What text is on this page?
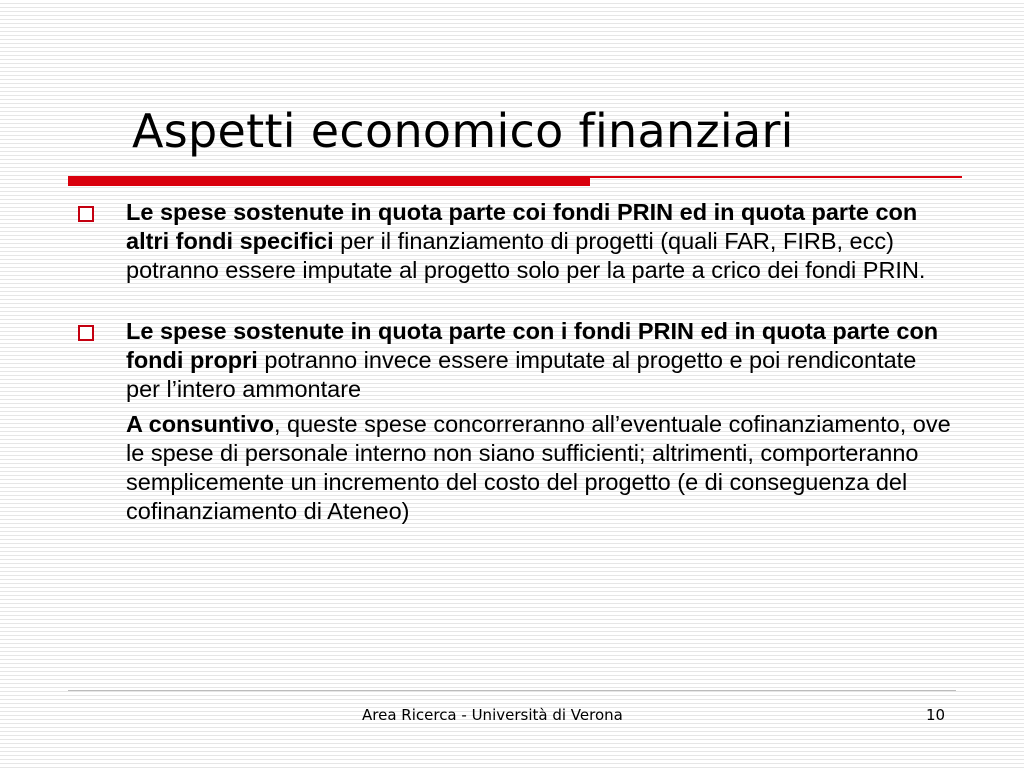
Aspetti economico finanziari

Le spese sostenute in quota parte coi fondi PRIN ed in quota parte con altri fondi specifici per il finanziamento di progetti (quali FAR, FIRB, ecc) potranno essere imputate al progetto solo per la parte a crico dei fondi PRIN.

Le spese sostenute in quota parte con i fondi PRIN ed in quota parte con fondi propri potranno invece essere imputate al progetto e poi rendicontate per l’intero ammontare

A consuntivo, queste spese concorreranno all’eventuale cofinanziamento, ove le spese di personale interno non siano sufficienti; altrimenti, comporteranno semplicemente un incremento del costo del progetto (e di conseguenza del cofinanziamento di Ateneo)

Area Ricerca - Università di Verona	10
